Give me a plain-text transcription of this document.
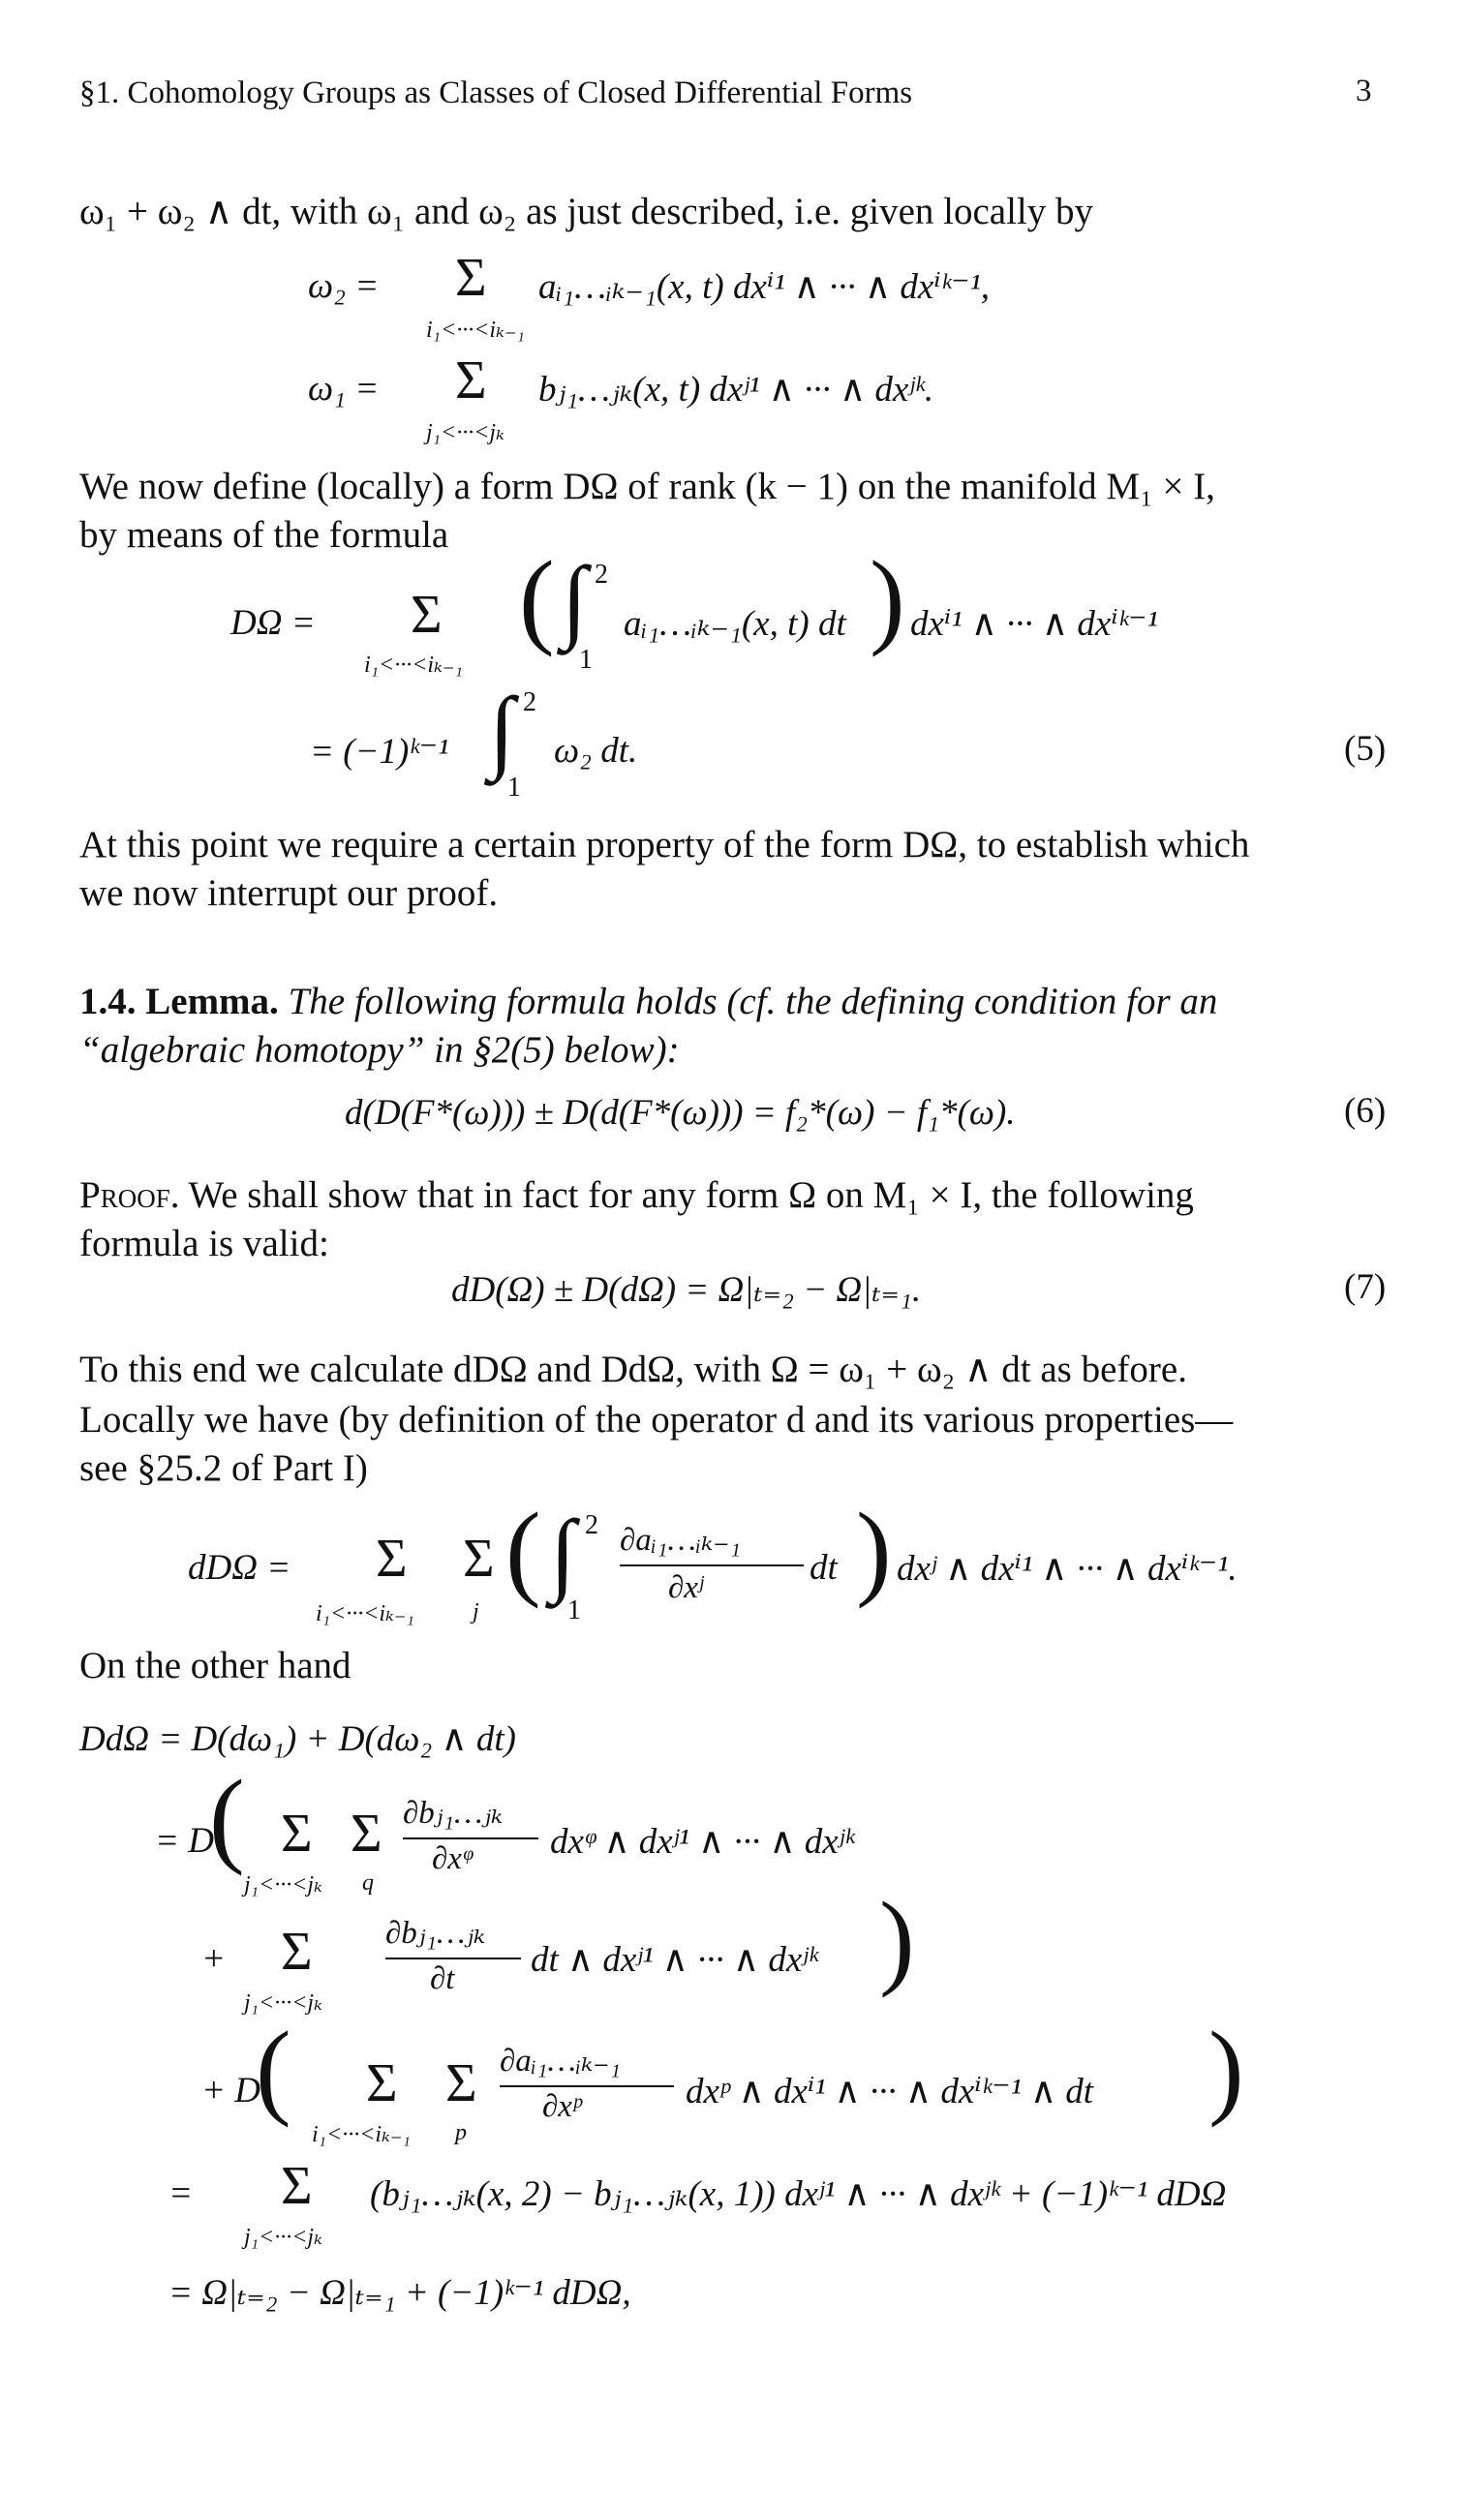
§1. Cohomology Groups as Classes of Closed Differential Forms	3
ω₁ + ω₂ ∧ dt, with ω₁ and ω₂ as just described, i.e. given locally by
ω₂ = Σ aᵢ₁…ᵢₖ₋₁(x, t) dxⁱ¹ ∧ ··· ∧ dxⁱᵏ⁻¹,
i₁<···<iₖ₋₁
ω₁ = Σ bⱼ₁…ⱼₖ(x, t) dxʲ¹ ∧ ··· ∧ dxʲᵏ.
j₁<···<jₖ
We now define (locally) a form DΩ of rank (k − 1) on the manifold M₁ × I,
by means of the formula
DΩ = Σ
i₁<···<iₖ₋₁
( ∫ 2
1
aᵢ₁…ᵢₖ₋₁(x, t) dt ) dxⁱ¹ ∧ ··· ∧ dxⁱᵏ⁻¹
= (−1)ᵏ⁻¹ ∫ 2
1
ω₂ dt.	(5)
At this point we require a certain property of the form DΩ, to establish which
we now interrupt our proof.
1.4. Lemma. The following formula holds (cf. the defining condition for an
“algebraic homotopy” in §2(5) below):
d(D(F*(ω))) ± D(d(F*(ω))) = f₂*(ω) − f₁*(ω).	(6)
Proof. We shall show that in fact for any form Ω on M₁ × I, the following
formula is valid:
dD(Ω) ± D(dΩ) = Ω|ₜ₌₂ − Ω|ₜ₌₁.	(7)
To this end we calculate dDΩ and DdΩ, with Ω = ω₁ + ω₂ ∧ dt as before.
Locally we have (by definition of the operator d and its various properties—
see §25.2 of Part I)
dDΩ = Σ Σ
i₁<···<iₖ₋₁	j
( ∫ 2
1
∂aᵢ₁…ᵢₖ₋₁
∂xʲ	dt ) dxʲ ∧ dxⁱ¹ ∧ ··· ∧ dxⁱᵏ⁻¹.
On the other hand
DdΩ = D(dω₁) + D(dω₂ ∧ dt)
= D
( Σ Σ
j₁<···<jₖ q
∂bⱼ₁…ⱼₖ
∂xᵠ dxᵠ ∧ dxʲ¹ ∧ ··· ∧ dxʲᵏ
+ Σ
j₁<···<jₖ
∂bⱼ₁…ⱼₖ
∂t dt ∧ dxʲ¹ ∧ ··· ∧ dxʲᵏ )
+ D
( Σ Σ
i₁<···<iₖ₋₁ p
∂aᵢ₁…ᵢₖ₋₁
∂xᵖ	dxᵖ ∧ dxⁱ¹ ∧ ··· ∧ dxⁱᵏ⁻¹ ∧ dt )
= Σ
j₁<···<jₖ
(bⱼ₁…ⱼₖ(x, 2) − bⱼ₁…ⱼₖ(x, 1)) dxʲ¹ ∧ ··· ∧ dxʲᵏ + (−1)ᵏ⁻¹ dDΩ
= Ω|ₜ₌₂ − Ω|ₜ₌₁ + (−1)ᵏ⁻¹ dDΩ,
